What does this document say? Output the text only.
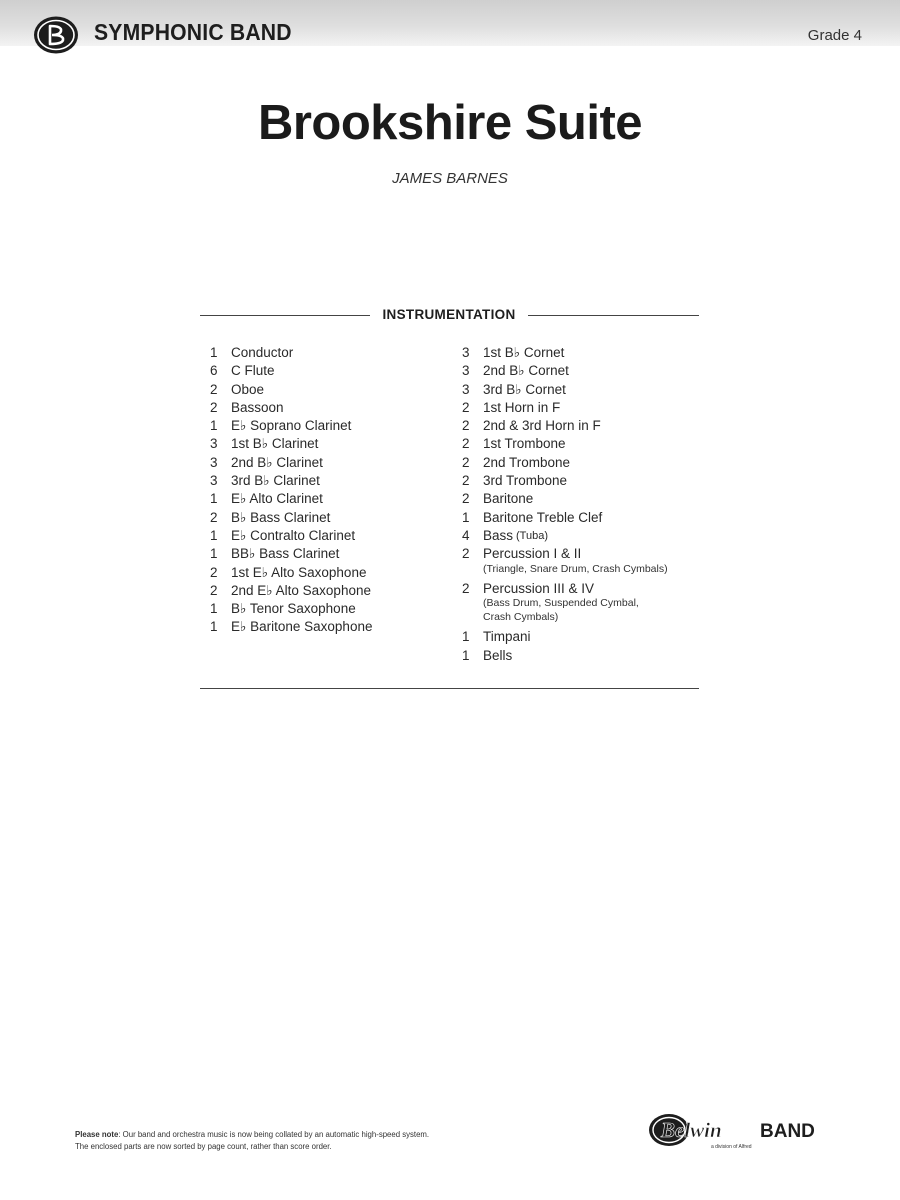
SYMPHONIC BAND	Grade 4
Brookshire Suite
JAMES BARNES
INSTRUMENTATION
1 Conductor
6 C Flute
2 Oboe
2 Bassoon
1 E♭ Soprano Clarinet
3 1st B♭ Clarinet
3 2nd B♭ Clarinet
3 3rd B♭ Clarinet
1 E♭ Alto Clarinet
2 B♭ Bass Clarinet
1 E♭ Contralto Clarinet
1 BB♭ Bass Clarinet
2 1st E♭ Alto Saxophone
2 2nd E♭ Alto Saxophone
1 B♭ Tenor Saxophone
1 E♭ Baritone Saxophone
3 1st B♭ Cornet
3 2nd B♭ Cornet
3 3rd B♭ Cornet
2 1st Horn in F
2 2nd & 3rd Horn in F
2 1st Trombone
2 2nd Trombone
2 3rd Trombone
2 Baritone
1 Baritone Treble Clef
4 Bass (Tuba)
2 Percussion I & II
(Triangle, Snare Drum, Crash Cymbals)
2 Percussion III & IV
(Bass Drum, Suspended Cymbal,
Crash Cymbals)
1 Timpani
1 Bells
Please note: Our band and orchestra music is now being collated by an automatic high-speed system.
The enclosed parts are now sorted by page count, rather than score order.
Belwin
a division of Alfred
BAND
